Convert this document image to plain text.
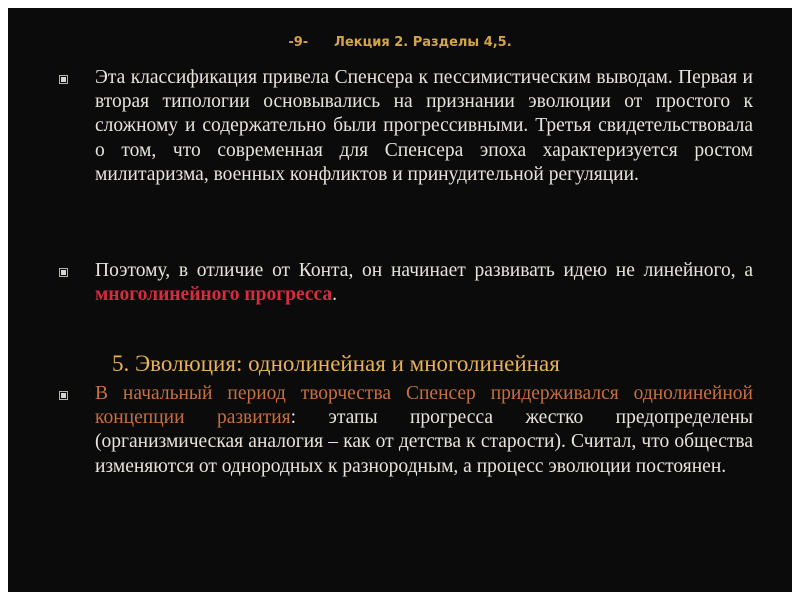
-9- Лекция 2. Разделы 4,5.
Эта классификация привела Спенсера к пессимистическим выводам. Первая и вторая типологии основывались на признании эволюции от простого к сложному и содержательно были прогрессивными. Третья свидетельствовала о том, что современная для Спенсера эпоха характеризуется ростом милитаризма, военных конфликтов и принудительной регуляции.
Поэтому, в отличие от Конта, он начинает развивать идею не линейного, а многолинейного прогресса.
5. Эволюция: однолинейная и многолинейная
В начальный период творчества Спенсер придерживался однолинейной концепции развития: этапы прогресса жестко предопределены (организмическая аналогия – как от детства к старости). Считал, что общества изменяются от однородных к разнородным, а процесс эволюции постоянен.
